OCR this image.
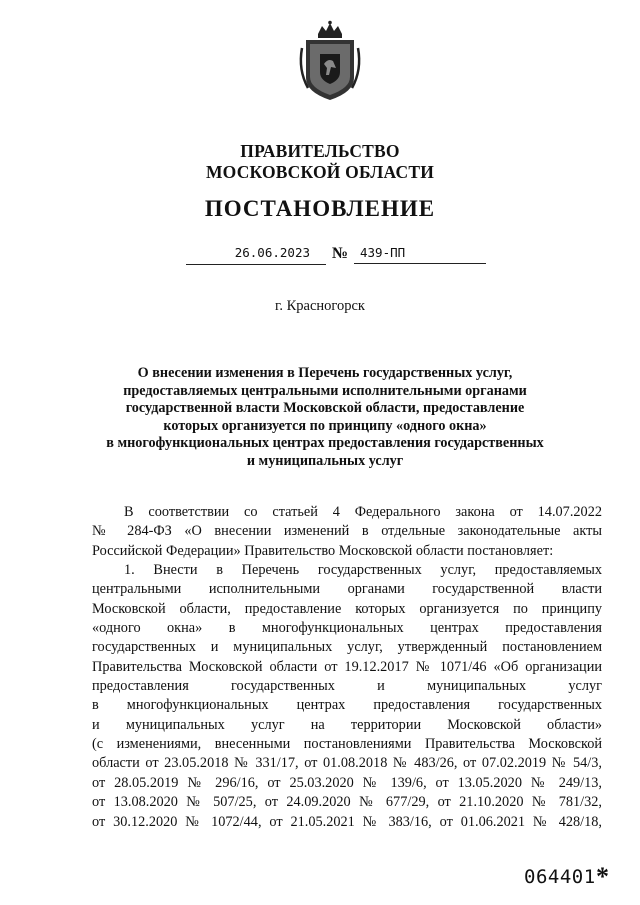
ПРАВИТЕЛЬСТВО
МОСКОВСКОЙ ОБЛАСТИ
ПОСТАНОВЛЕНИЕ
26.06.2023	№ 439-ПП
г. Красногорск
О внесении изменения в Перечень государственных услуг,
предоставляемых центральными исполнительными органами
государственной власти Московской области, предоставление
которых организуется по принципу «одного окна»
в многофункциональных центрах предоставления государственных
и муниципальных услуг
В соответствии со статьей 4 Федерального закона от 14.07.2022
№ 284-ФЗ «О внесении изменений в отдельные законодательные акты
Российской Федерации» Правительство Московской области постановляет:
1. Внести в Перечень государственных услуг, предоставляемых
центральными исполнительными органами государственной власти
Московской области, предоставление которых организуется по принципу
«одного окна» в многофункциональных центрах предоставления
государственных и муниципальных услуг, утвержденный постановлением
Правительства Московской области от 19.12.2017 № 1071/46 «Об организации
предоставления государственных и муниципальных услуг
в многофункциональных центрах предоставления государственных
и муниципальных услуг на территории Московской области»
(с изменениями, внесенными постановлениями Правительства Московской
области от 23.05.2018 № 331/17, от 01.08.2018 № 483/26, от 07.02.2019 № 54/3,
от 28.05.2019 № 296/16, от 25.03.2020 № 139/6, от 13.05.2020 № 249/13,
от 13.08.2020 № 507/25, от 24.09.2020 № 677/29, от 21.10.2020 № 781/32,
от 30.12.2020 № 1072/44, от 21.05.2021 № 383/16, от 01.06.2021 № 428/18,
064401 *
